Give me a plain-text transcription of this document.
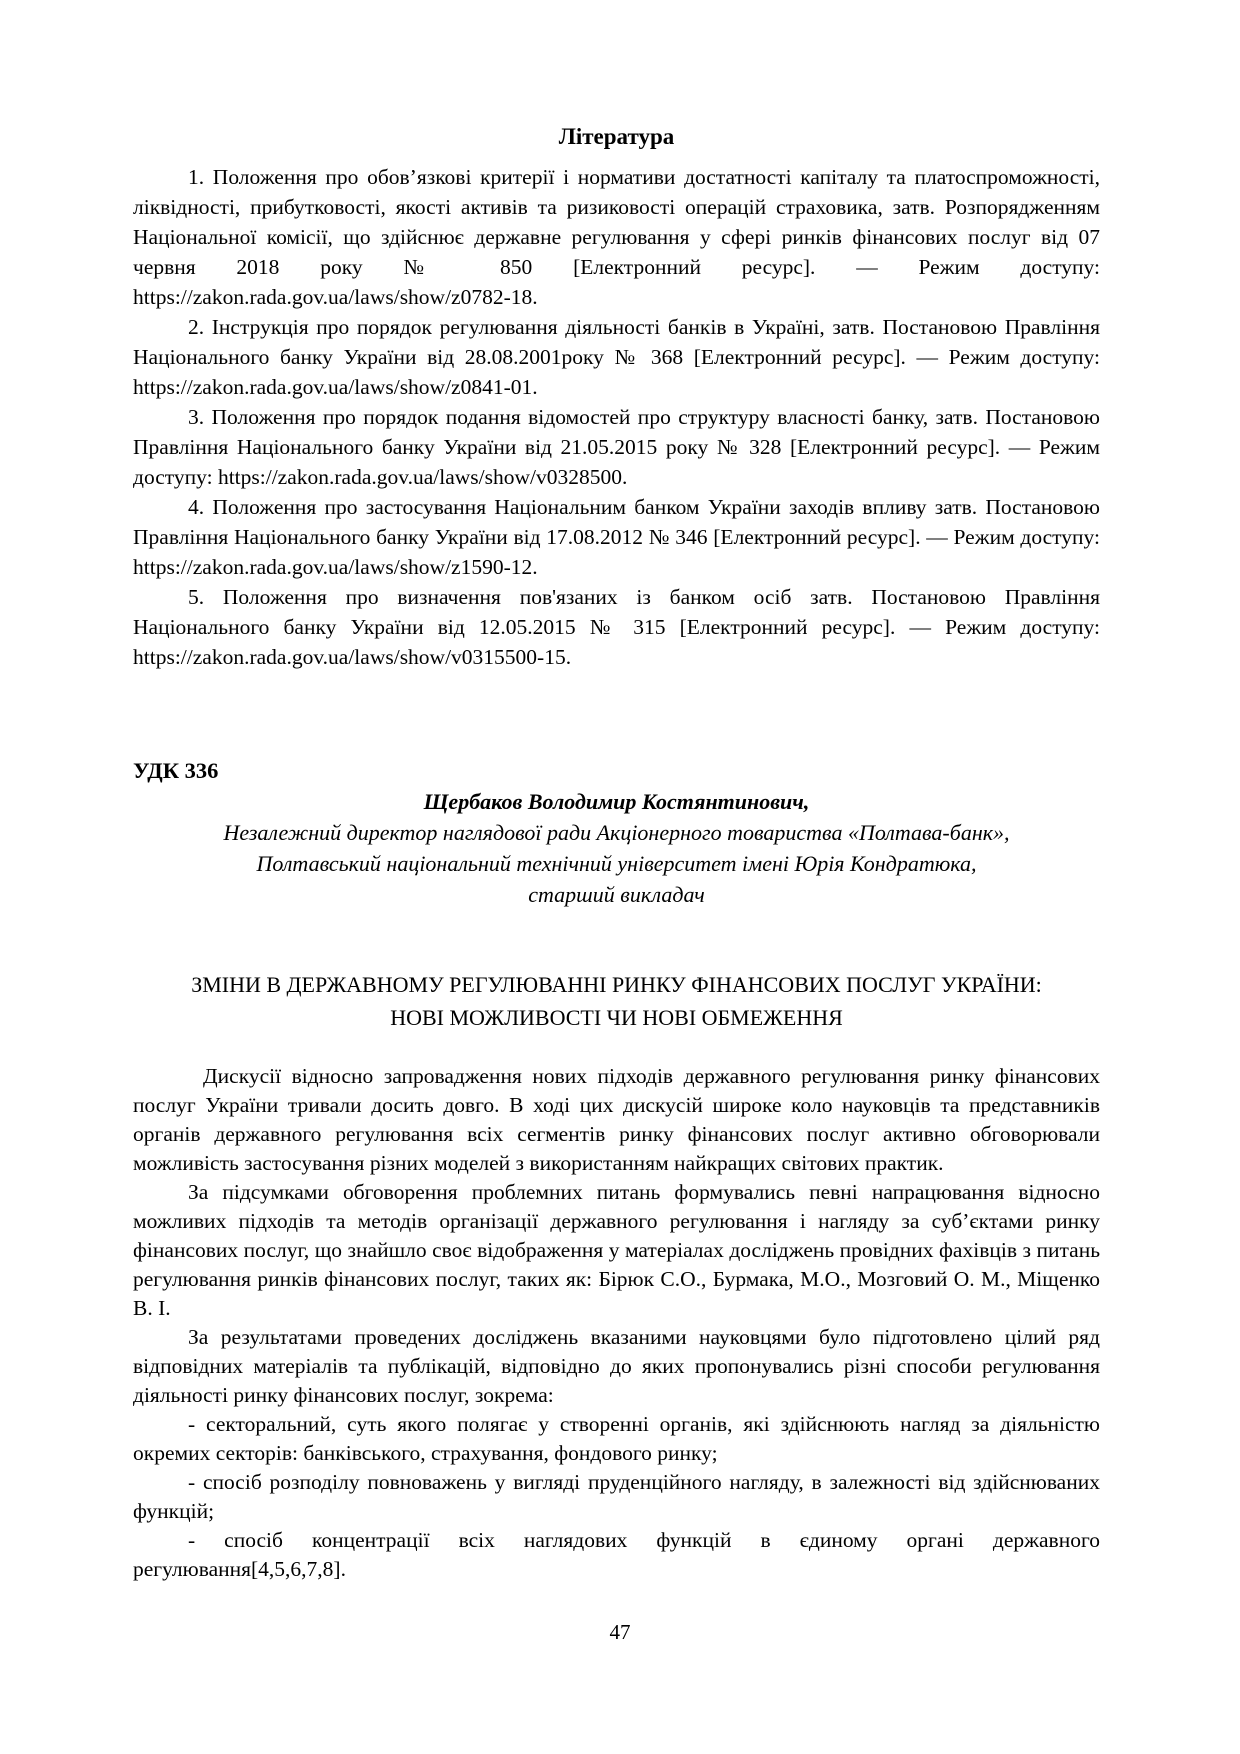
Література

1. Положення про обов’язкові критерії і нормативи достатності капіталу та платоспроможності, ліквідності, прибутковості, якості активів та ризиковості операцій страховика, затв. Розпорядженням Національної комісії, що здійснює державне регулювання у сфері ринків фінансових послуг від 07 червня 2018 року № 850 [Електронний ресурс]. — Режим доступу: https://zakon.rada.gov.ua/laws/show/z0782-18.

2. Інструкція про порядок регулювання діяльності банків в Україні, затв. Постановою Правління Національного банку України від 28.08.2001року № 368 [Електронний ресурс]. — Режим доступу: https://zakon.rada.gov.ua/laws/show/z0841-01.

3. Положення про порядок подання відомостей про структуру власності банку, затв. Постановою Правління Національного банку України від 21.05.2015 року № 328 [Електронний ресурс]. — Режим доступу: https://zakon.rada.gov.ua/laws/show/v0328500.

4. Положення про застосування Національним банком України заходів впливу затв. Постановою Правління Національного банку України від 17.08.2012 № 346 [Електронний ресурс]. — Режим доступу: https://zakon.rada.gov.ua/laws/show/z1590-12.

5. Положення про визначення пов'язаних із банком осіб затв. Постановою Правління Національного банку України від 12.05.2015 № 315 [Електронний ресурс]. — Режим доступу: https://zakon.rada.gov.ua/laws/show/v0315500-15.

УДК 336

Щербаков Володимир Костянтинович,

Незалежний директор наглядової ради Акціонерного товариства «Полтава-банк»,

Полтавський національний технічний університет імені Юрія Кондратюка,

старший викладач

ЗМІНИ В ДЕРЖАВНОМУ РЕГУЛЮВАННІ РИНКУ ФІНАНСОВИХ ПОСЛУГ УКРАЇНИ: НОВІ МОЖЛИВОСТІ ЧИ НОВІ ОБМЕЖЕННЯ

Дискусії відносно запровадження нових підходів державного регулювання ринку фінансових послуг України тривали досить довго. В ході цих дискусій широке коло науковців та представників органів державного регулювання всіх сегментів ринку фінансових послуг активно обговорювали можливість застосування різних моделей з використанням найкращих світових практик.

За підсумками обговорення проблемних питань формувались певні напрацювання відносно можливих підходів та методів організації державного регулювання і нагляду за суб’єктами ринку фінансових послуг, що знайшло своє відображення у матеріалах досліджень провідних фахівців з питань регулювання ринків фінансових послуг, таких як: Бірюк С.О., Бурмака, М.О., Мозговий О. М., Міщенко В. І.

За результатами проведених досліджень вказаними науковцями було підготовлено цілий ряд відповідних матеріалів та публікацій, відповідно до яких пропонувались різні способи регулювання діяльності ринку фінансових послуг, зокрема:

- секторальний, суть якого полягає у створенні органів, які здійснюють нагляд за діяльністю окремих секторів: банківського, страхування, фондового ринку;

- спосіб розподілу повноважень у вигляді пруденційного нагляду, в залежності від здійснюваних функцій;

- спосіб концентрації всіх наглядових функцій в єдиному органі державного регулювання[4,5,6,7,8].

47
